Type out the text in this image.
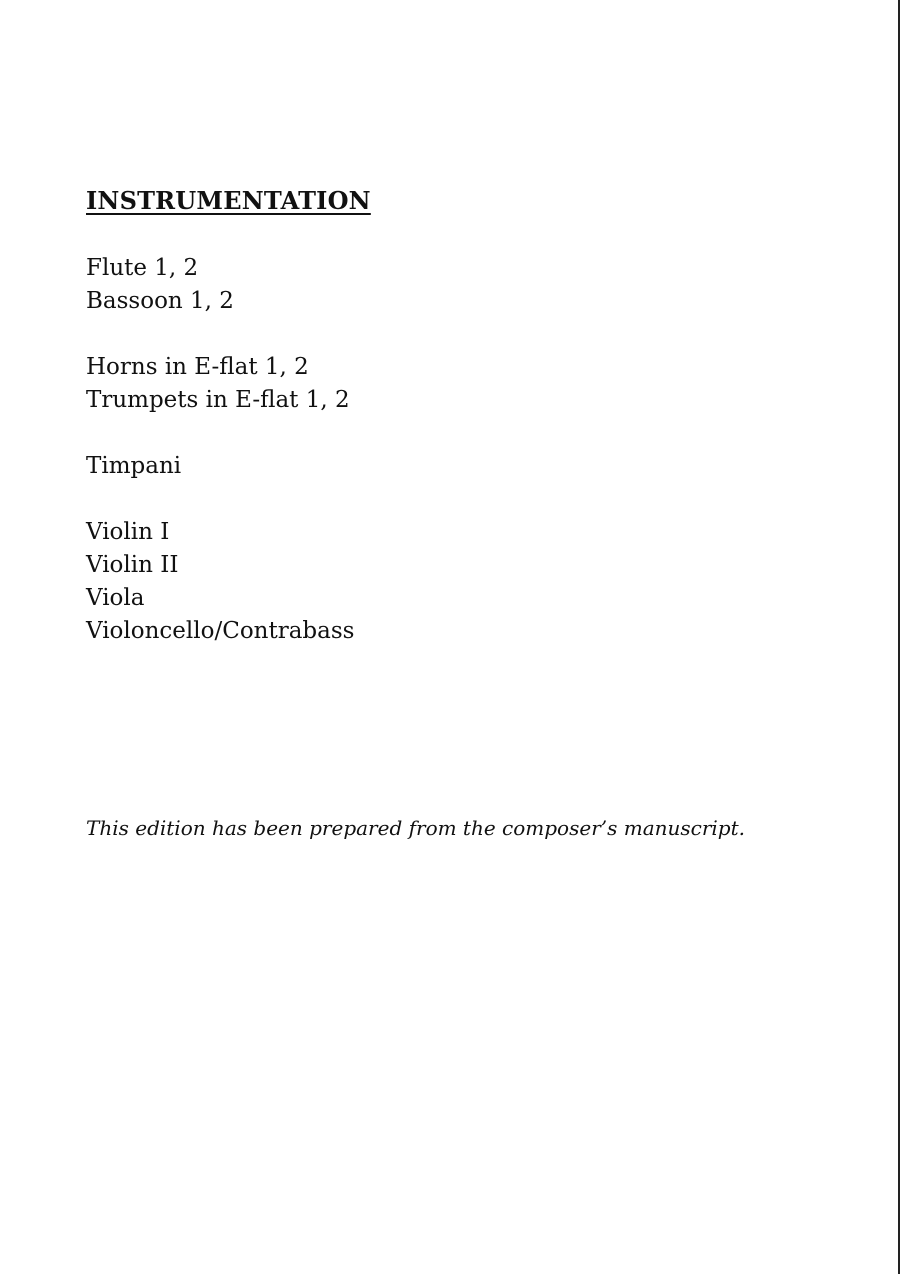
INSTRUMENTATION
Flute 1, 2
Bassoon 1, 2
Horns in E-flat 1, 2
Trumpets in E-flat 1, 2
Timpani
Violin I
Violin II
Viola
Violoncello/Contrabass

This edition has been prepared from the composer’s manuscript.
